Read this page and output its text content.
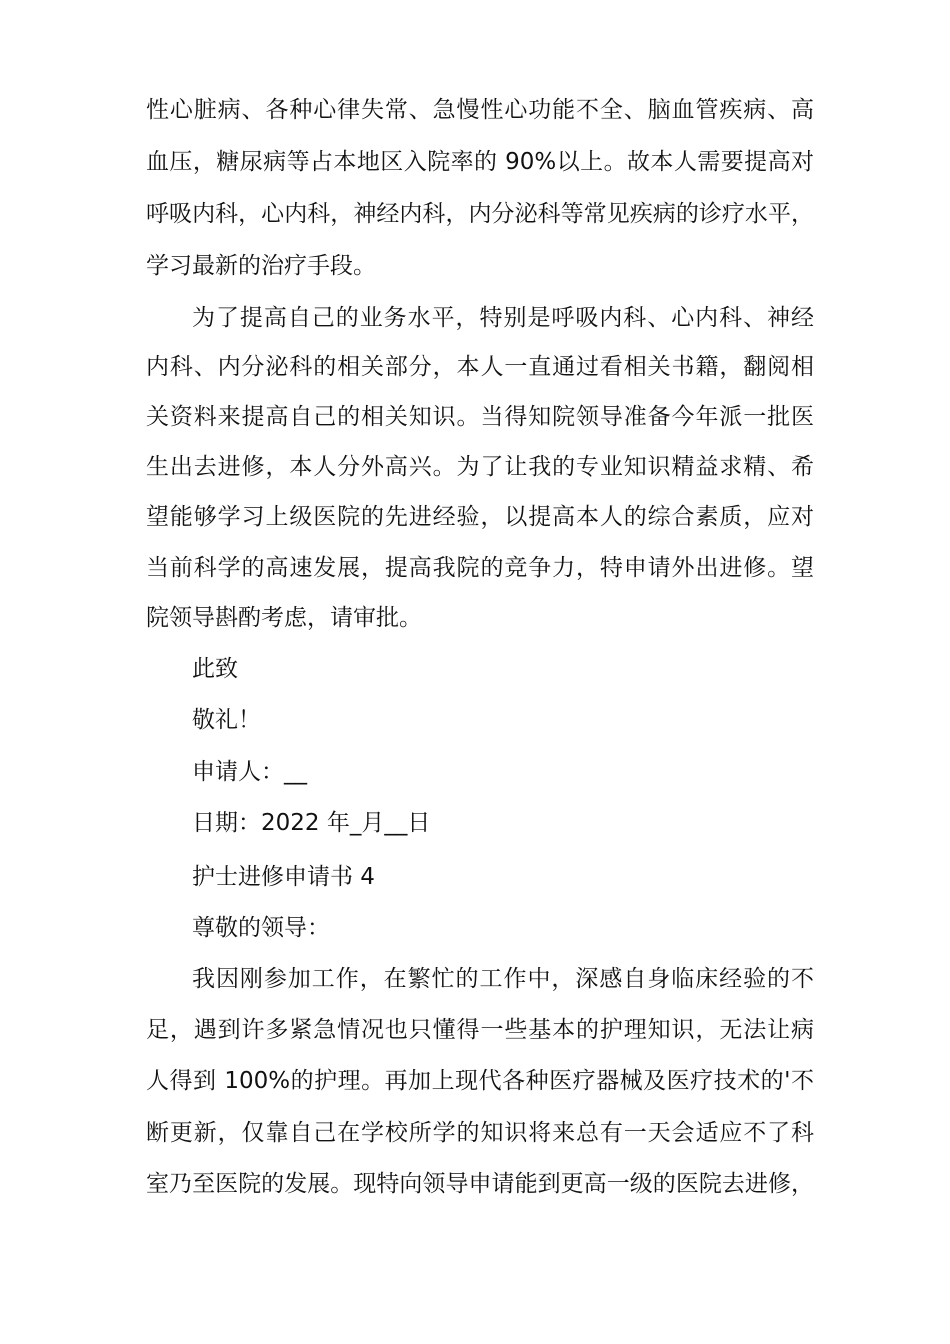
性心脏病、各种心律失常、急慢性心功能不全、脑血管疾病、高
血压，糖尿病等占本地区入院率的 90%以上。故本人需要提高对
呼吸内科，心内科，神经内科，内分泌科等常见疾病的诊疗水平，
学习最新的治疗手段。
为了提高自己的业务水平，特别是呼吸内科、心内科、神经
内科、内分泌科的相关部分，本人一直通过看相关书籍，翻阅相
关资料来提高自己的相关知识。当得知院领导准备今年派一批医
生出去进修，本人分外高兴。为了让我的专业知识精益求精、希
望能够学习上级医院的先进经验，以提高本人的综合素质，应对
当前科学的高速发展，提高我院的竞争力，特申请外出进修。望
院领导斟酌考虑，请审批。
此致
敬礼！
申请人：__
日期：2022 年_月__日
护士进修申请书 4
尊敬的领导：
我因刚参加工作，在繁忙的工作中，深感自身临床经验的不
足，遇到许多紧急情况也只懂得一些基本的护理知识，无法让病
人得到 100%的护理。再加上现代各种医疗器械及医疗技术的'不
断更新，仅靠自己在学校所学的知识将来总有一天会适应不了科
室乃至医院的发展。现特向领导申请能到更高一级的医院去进修，
